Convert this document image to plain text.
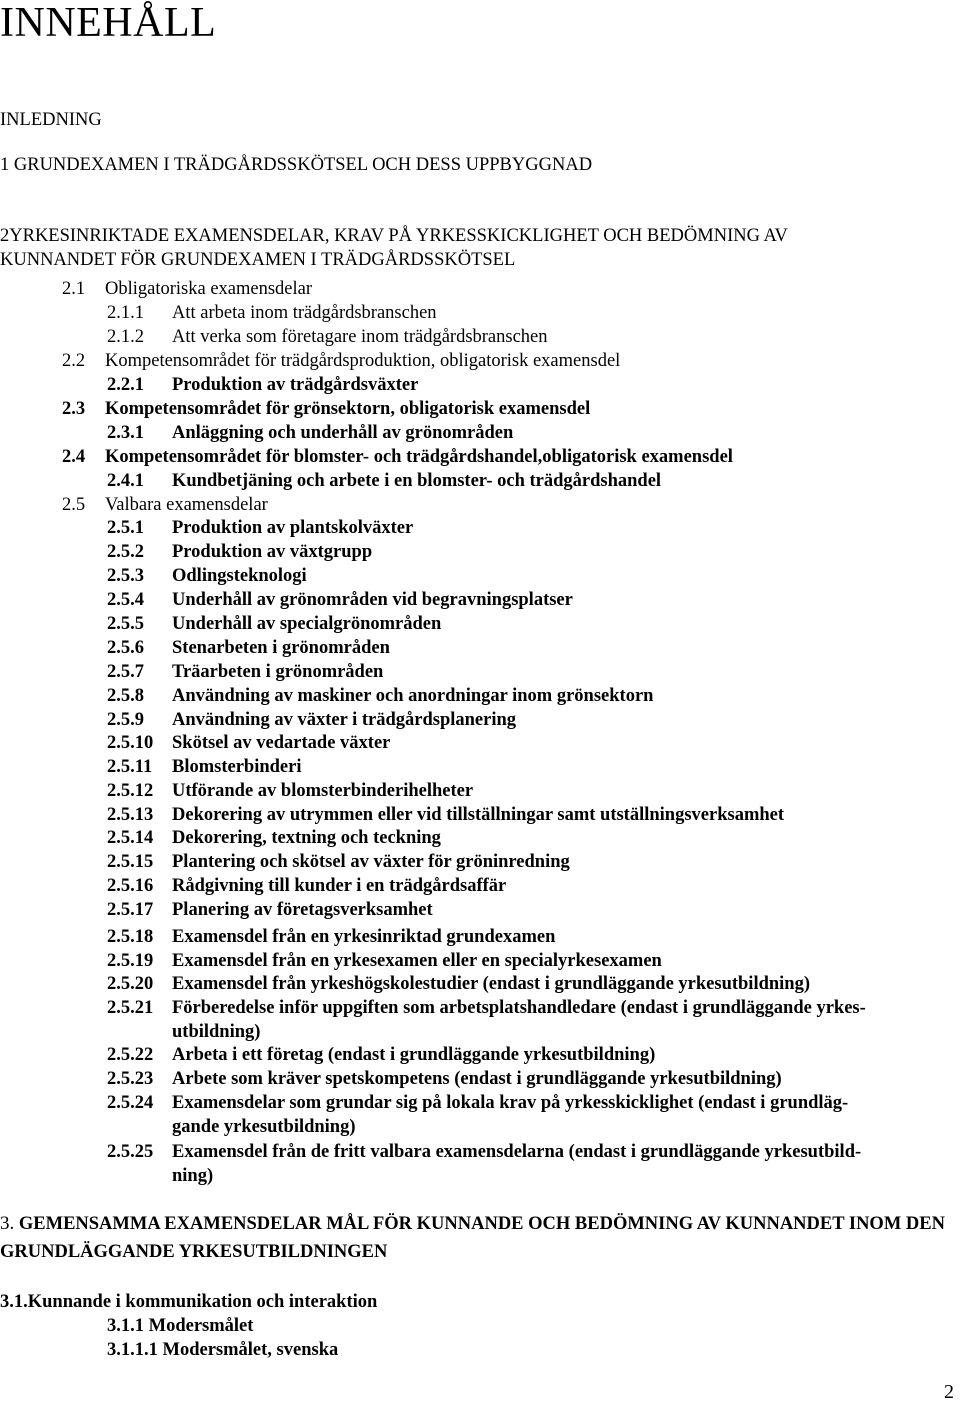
INNEHÅLL
INLEDNING
1 GRUNDEXAMEN I TRÄDGÅRDSSKÖTSEL OCH DESS UPPBYGGNAD
2YRKESINRIKTADE EXAMENSDELAR, KRAV PÅ YRKESSKICKLIGHET OCH BEDÖMNING AV
KUNNANDET FÖR GRUNDEXAMEN I TRÄDGÅRDSSKÖTSEL
2.1 Obligatoriska examensdelar
2.1.1 Att arbeta inom trädgårdsbranschen
2.1.2 Att verka som företagare inom trädgårdsbranschen
2.2 Kompetensområdet för trädgårdsproduktion, obligatorisk examensdel
2.2.1 Produktion av trädgårdsväxter
2.3 Kompetensområdet för grönsektorn, obligatorisk examensdel
2.3.1 Anläggning och underhåll av grönområden
2.4 Kompetensområdet för blomster- och trädgårdshandel,obligatorisk examensdel
2.4.1 Kundbetjäning och arbete i en blomster- och trädgårdshandel
2.5 Valbara examensdelar
2.5.1 Produktion av plantskolväxter
2.5.2 Produktion av växtgrupp
2.5.3 Odlingsteknologi
2.5.4 Underhåll av grönområden vid begravningsplatser
2.5.5 Underhåll av specialgrönområden
2.5.6 Stenarbeten i grönområden
2.5.7 Träarbeten i grönområden
2.5.8 Användning av maskiner och anordningar inom grönsektorn
2.5.9 Användning av växter i trädgårdsplanering
2.5.10 Skötsel av vedartade växter
2.5.11 Blomsterbinderi
2.5.12 Utförande av blomsterbinderihelheter
2.5.13 Dekorering av utrymmen eller vid tillställningar samt utställningsverksamhet
2.5.14 Dekorering, textning och teckning
2.5.15 Plantering och skötsel av växter för gröninredning
2.5.16 Rådgivning till kunder i en trädgårdsaffär
2.5.17 Planering av företagsverksamhet
2.5.18 Examensdel från en yrkesinriktad grundexamen
2.5.19 Examensdel från en yrkesexamen eller en specialyrkesexamen
2.5.20 Examensdel från yrkeshögskolestudier (endast i grundläggande yrkesutbildning)
2.5.21 Förberedelse inför uppgiften som arbetsplatshandledare (endast i grundläggande yrkes-
utbildning)
2.5.22 Arbeta i ett företag (endast i grundläggande yrkesutbildning)
2.5.23 Arbete som kräver spetskompetens (endast i grundläggande yrkesutbildning)
2.5.24 Examensdelar som grundar sig på lokala krav på yrkesskicklighet (endast i grundläg-
gande yrkesutbildning)
2.5.25 Examensdel från de fritt valbara examensdelarna (endast i grundläggande yrkesutbild-
ning)
3. GEMENSAMMA EXAMENSDELAR MÅL FÖR KUNNANDE OCH BEDÖMNING AV KUNNANDET INOM DEN GRUNDLÄGGANDE YRKESUTBILDNINGEN
3.1.Kunnande i kommunikation och interaktion
3.1.1 Modersmålet
3.1.1.1 Modersmålet, svenska
2
